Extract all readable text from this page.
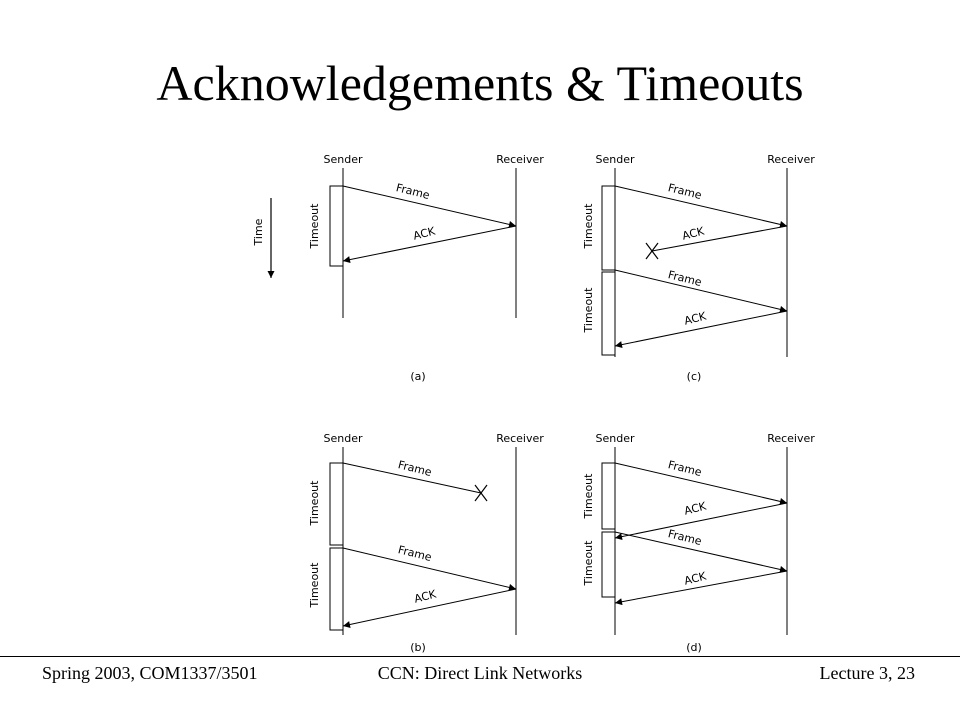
Acknowledgements & Timeouts
Time
Sender	Receiver
(a)
Timeout
Frame
ACK
Sender	Receiver
(c)
Timeout
Timeout
Frame
ACK
Frame
ACK
Sender	Receiver
(b)
Timeout
Timeout
Frame
Frame
ACK
Sender	Receiver
(d)
Timeout
Timeout
Frame
ACK
Frame
ACK
Spring 2003, COM1337/3501	CCN: Direct Link Networks	Lecture 3, 23
